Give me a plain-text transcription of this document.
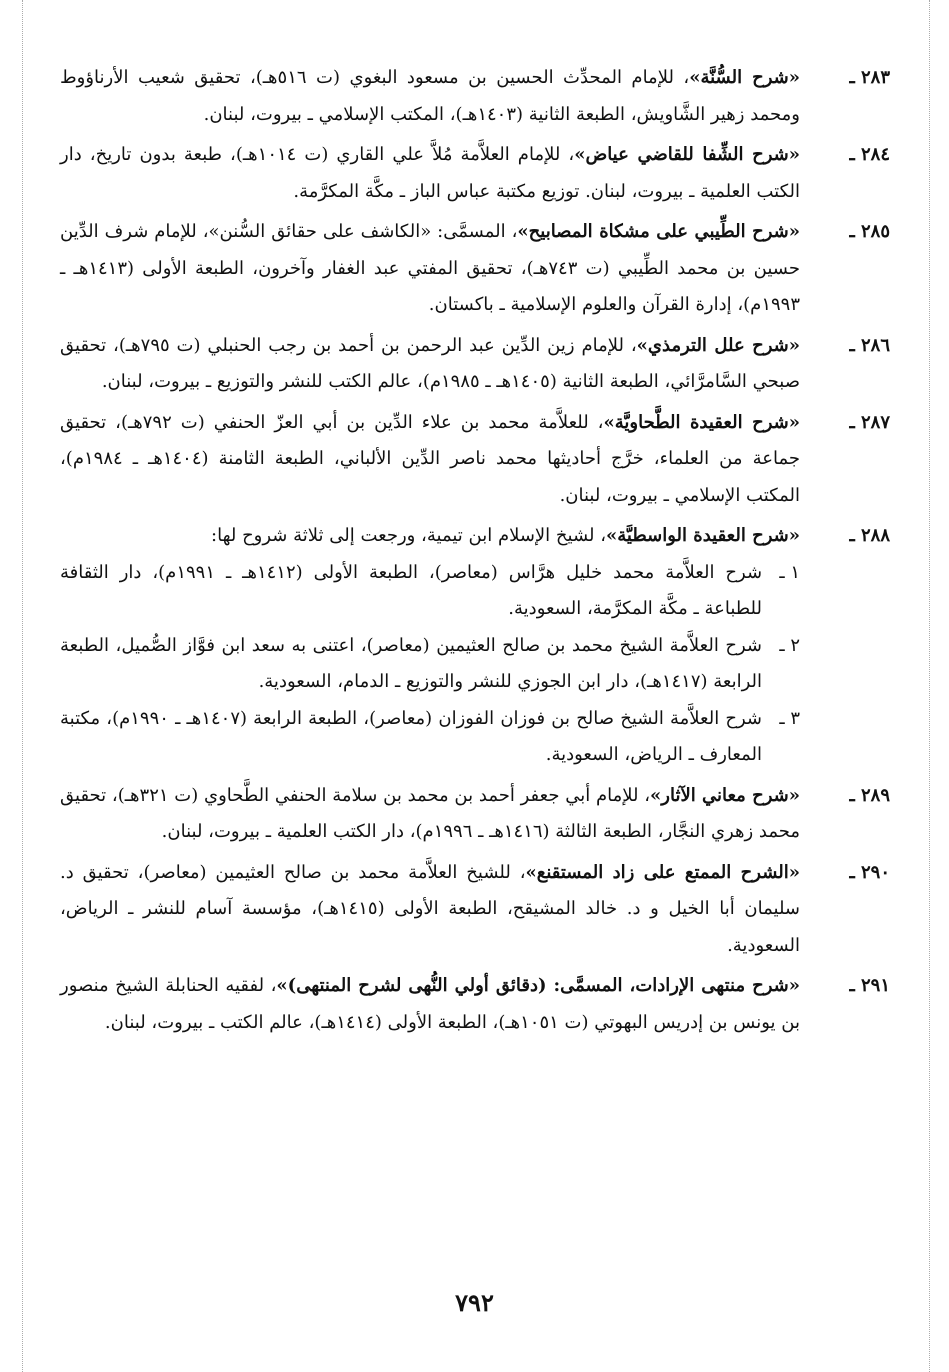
٢٨٣ ـ
«شرح السُّنَّة»، للإمام المحدِّث الحسين بن مسعود البغوي (ت ٥١٦هـ)، تحقيق شعيب الأرناؤوط ومحمد زهير الشَّاويش، الطبعة الثانية (١٤٠٣هـ)، المكتب الإسلامي ـ بيروت، لبنان.
٢٨٤ ـ
«شرح الشِّفا للقاضي عياض»، للإمام العلاَّمة مُلاَّ علي القاري (ت ١٠١٤هـ)، طبعة بدون تاريخ، دار الكتب العلمية ـ بيروت، لبنان. توزيع مكتبة عباس الباز ـ مكَّة المكرَّمة.
٢٨٥ ـ
«شرح الطِّيبي على مشكاة المصابيح»، المسمَّى: «الكاشف على حقائق السُّنن»، للإمام شرف الدِّين حسين بن محمد الطِّيبي (ت ٧٤٣هـ)، تحقيق المفتي عبد الغفار وآخرون، الطبعة الأولى (١٤١٣هـ ـ ١٩٩٣م)، إدارة القرآن والعلوم الإسلامية ـ باكستان.
٢٨٦ ـ
«شرح علل الترمذي»، للإمام زين الدِّين عبد الرحمن بن أحمد بن رجب الحنبلي (ت ٧٩٥هـ)، تحقيق صبحي السَّامرَّائي، الطبعة الثانية (١٤٠٥هـ ـ ١٩٨٥م)، عالم الكتب للنشر والتوزيع ـ بيروت، لبنان.
٢٨٧ ـ
«شرح العقيدة الطَّحاويَّة»، للعلاَّمة محمد بن علاء الدِّين بن أبي العزّ الحنفي (ت ٧٩٢هـ)، تحقيق جماعة من العلماء، خرَّج أحاديثها محمد ناصر الدِّين الألباني، الطبعة الثامنة (١٤٠٤هـ ـ ١٩٨٤م)، المكتب الإسلامي ـ بيروت، لبنان.
٢٨٨ ـ
«شرح العقيدة الواسطيَّة»، لشيخ الإسلام ابن تيمية، ورجعت إلى ثلاثة شروح لها:
١ ـ
شرح العلاَّمة محمد خليل هرَّاس (معاصر)، الطبعة الأولى (١٤١٢هـ ـ ١٩٩١م)، دار الثقافة للطباعة ـ مكَّة المكرَّمة، السعودية.
٢ ـ
شرح العلاَّمة الشيخ محمد بن صالح العثيمين (معاصر)، اعتنى به سعد ابن فوَّاز الصُّميل، الطبعة الرابعة (١٤١٧هـ)، دار ابن الجوزي للنشر والتوزيع ـ الدمام، السعودية.
٣ ـ
شرح العلاَّمة الشيخ صالح بن فوزان الفوزان (معاصر)، الطبعة الرابعة (١٤٠٧هـ ـ ١٩٩٠م)، مكتبة المعارف ـ الرياض، السعودية.
٢٨٩ ـ
«شرح معاني الآثار»، للإمام أبي جعفر أحمد بن محمد بن سلامة الحنفي الطَّحاوي (ت ٣٢١هـ)، تحقيق محمد زهري النجَّار، الطبعة الثالثة (١٤١٦هـ ـ ١٩٩٦م)، دار الكتب العلمية ـ بيروت، لبنان.
٢٩٠ ـ
«الشرح الممتع على زاد المستقنع»، للشيخ العلاَّمة محمد بن صالح العثيمين (معاصر)، تحقيق د. سليمان أبا الخيل و د. خالد المشيقح، الطبعة الأولى (١٤١٥هـ)، مؤسسة آسام للنشر ـ الرياض، السعودية.
٢٩١ ـ
«شرح منتهى الإرادات، المسمَّى: (دقائق أولي النُّهى لشرح المنتهى)»، لفقيه الحنابلة الشيخ منصور بن يونس بن إدريس البهوتي (ت ١٠٥١هـ)، الطبعة الأولى (١٤١٤هـ)، عالم الكتب ـ بيروت، لبنان.
٧٩٢
